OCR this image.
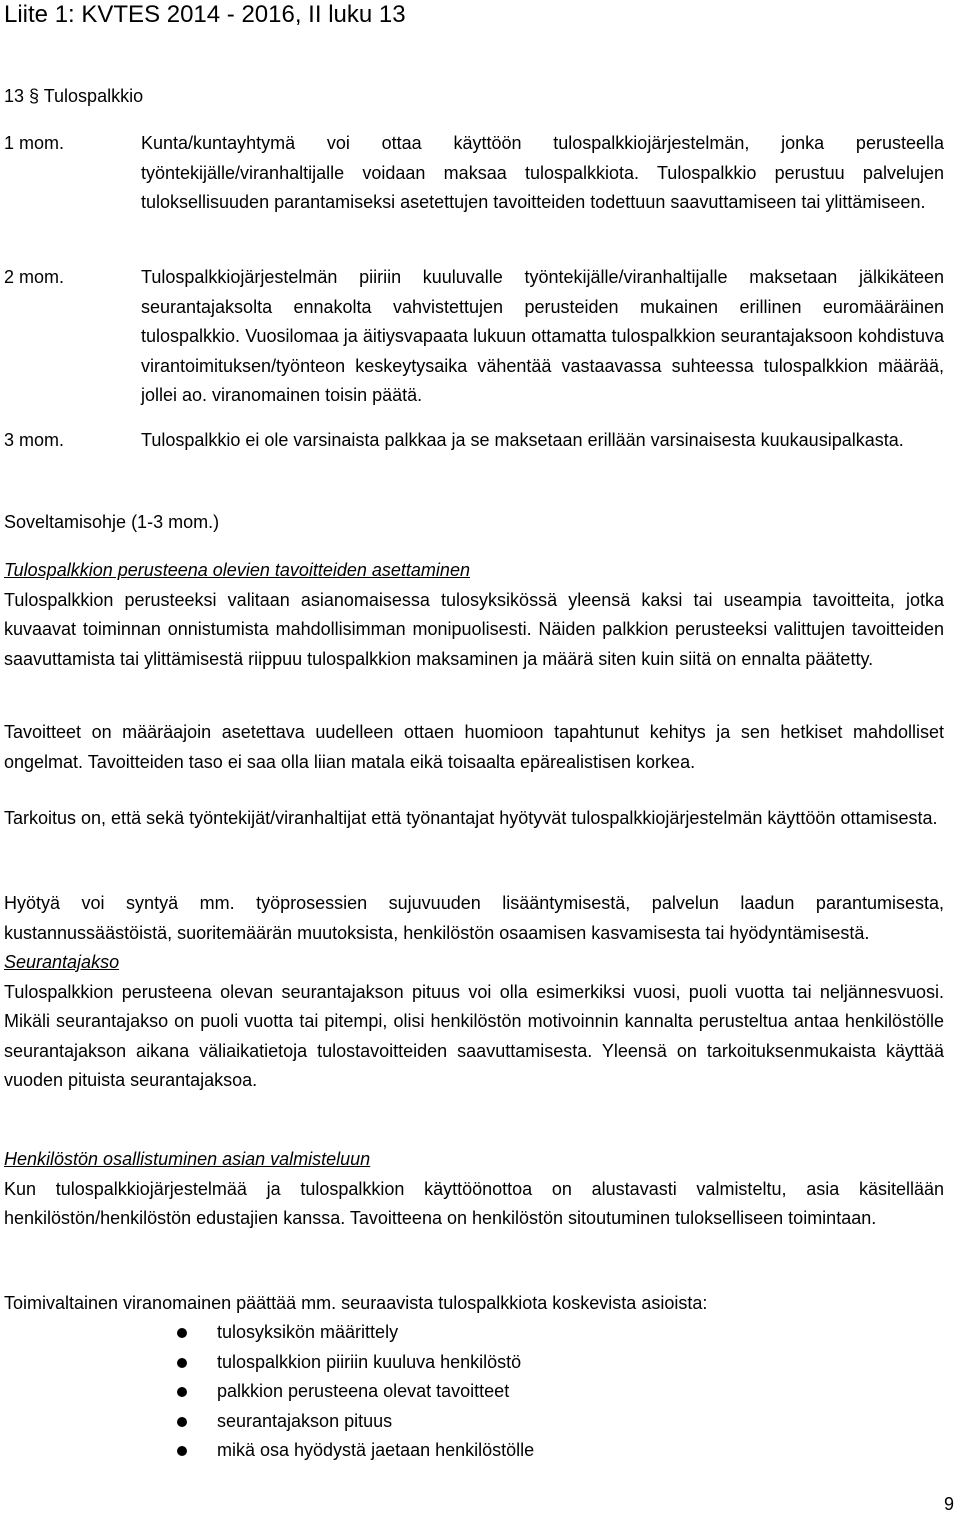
Liite 1: KVTES 2014 - 2016, II luku 13
13 § Tulospalkkio
1 mom.	Kunta/kuntayhtymä voi ottaa käyttöön tulospalkkiojärjestelmän, jonka perusteella työntekijälle/viranhaltijalle voidaan maksaa tulospalkkiota. Tulospalkkio perustuu palvelujen tuloksellisuuden parantamiseksi asetettujen tavoitteiden todettuun saavuttamiseen tai ylittämiseen.
2 mom.	Tulospalkkiojärjestelmän piiriin kuuluvalle työntekijälle/viranhaltijalle maksetaan jälkikäteen seurantajaksolta ennakolta vahvistettujen perusteiden mukainen erillinen euromääräinen tulospalkkio. Vuosilomaa ja äitiysvapaata lukuun ottamatta tulospalkkion seurantajaksoon kohdistuva virantoimituksen/työnteon keskeytysaika vähentää vastaavassa suhteessa tulospalkkion määrää, jollei ao. viranomainen toisin päätä.
3 mom.	Tulospalkkio ei ole varsinaista palkkaa ja se maksetaan erillään varsinaisesta kuukausipalkasta.
Soveltamisohje (1-3 mom.)

Tulospalkkion perusteena olevien tavoitteiden asettaminen

Tulospalkkion perusteeksi valitaan asianomaisessa tulosyksikössä yleensä kaksi tai useampia tavoitteita, jotka kuvaavat toiminnan onnistumista mahdollisimman monipuolisesti. Näiden palkkion perusteeksi valittujen tavoitteiden saavuttamista tai ylittämisestä riippuu tulospalkkion maksaminen ja määrä siten kuin siitä on ennalta päätetty.

Tavoitteet on määräajoin asetettava uudelleen ottaen huomioon tapahtunut kehitys ja sen hetkiset mahdolliset ongelmat. Tavoitteiden taso ei saa olla liian matala eikä toisaalta epärealistisen korkea.
Tarkoitus on, että sekä työntekijät/viranhaltijat että työnantajat hyötyvät tulospalkkiojärjestelmän käyttöön ottamisesta.

Hyötyä voi syntyä mm. työprosessien sujuvuuden lisääntymisestä, palvelun laadun parantumisesta, kustannussäästöistä, suoritemäärän muutoksista, henkilöstön osaamisen kasvamisesta tai hyödyntämisestä.

Seurantajakso

Tulospalkkion perusteena olevan seurantajakson pituus voi olla esimerkiksi vuosi, puoli vuotta tai neljännesvuosi. Mikäli seurantajakso on puoli vuotta tai pitempi, olisi henkilöstön motivoinnin kannalta perusteltua antaa henkilöstölle seurantajakson aikana väliaikatietoja tulostavoitteiden saavuttamisesta. Yleensä on tarkoituksenmukaista käyttää vuoden pituista seurantajaksoa.

Henkilöstön osallistuminen asian valmisteluun

Kun tulospalkkiojärjestelmää ja tulospalkkion käyttöönottoa on alustavasti valmisteltu, asia käsitellään henkilöstön/henkilöstön edustajien kanssa. Tavoitteena on henkilöstön sitoutuminen tulokselliseen toimintaan.

Toimivaltainen viranomainen päättää mm. seuraavista tulospalkkiota koskevista asioista:
tulosyksikön määrittely
tulospalkkion piiriin kuuluva henkilöstö
palkkion perusteena olevat tavoitteet
seurantajakson pituus
mikä osa hyödystä jaetaan henkilöstölle
9
